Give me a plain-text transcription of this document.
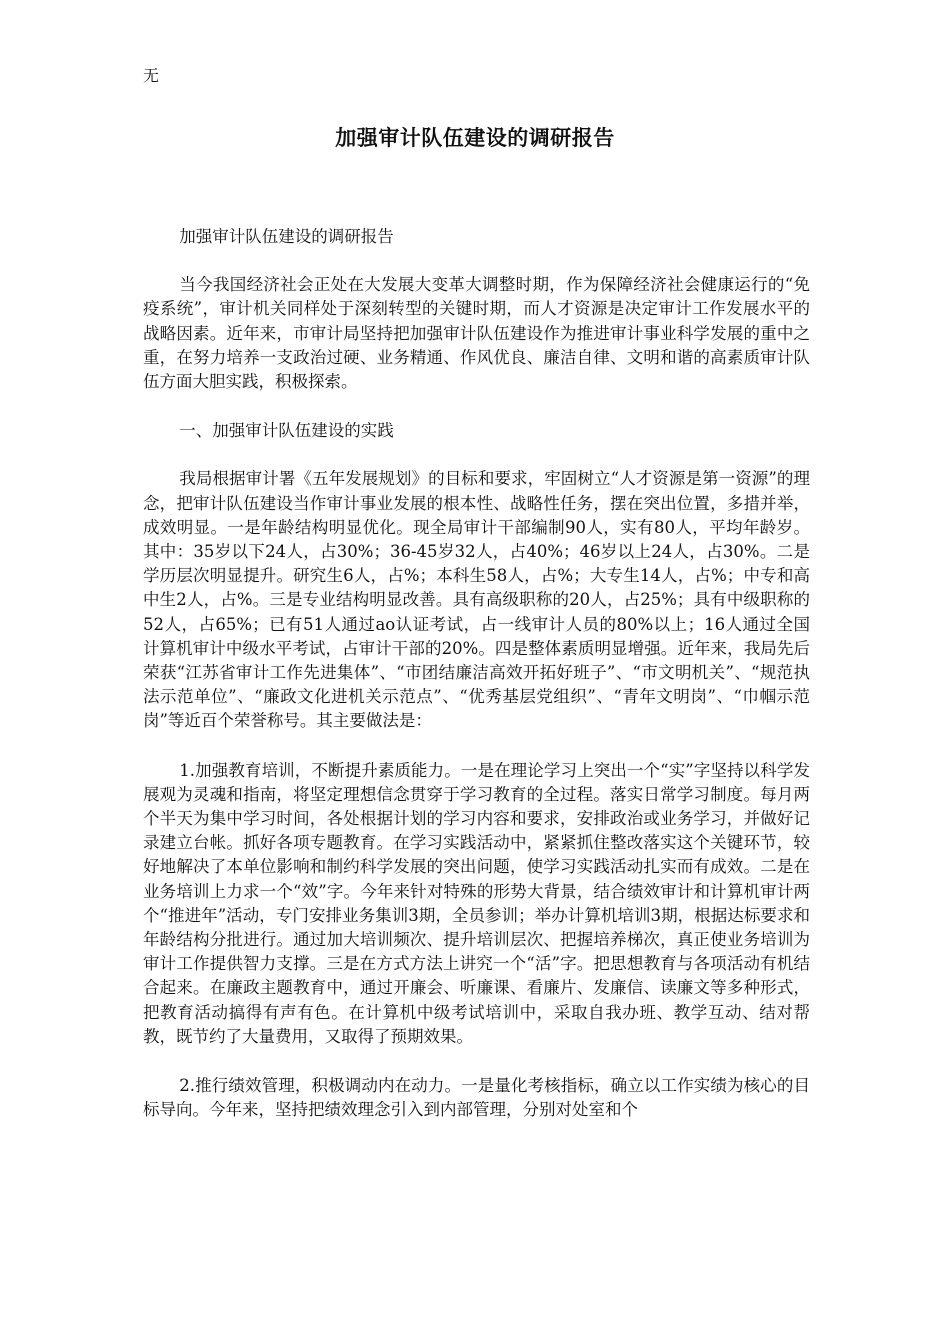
无
加强审计队伍建设的调研报告

加强审计队伍建设的调研报告

当今我国经济社会正处在大发展大变革大调整时期，作为保障经济社会健康运行的“免疫系统”，审计机关同样处于深刻转型的关键时期，而人才资源是决定审计工作发展水平的战略因素。近年来，市审计局坚持把加强审计队伍建设作为推进审计事业科学发展的重中之重，在努力培养一支政治过硬、业务精通、作风优良、廉洁自律、文明和谐的高素质审计队伍方面大胆实践，积极探索。

一、加强审计队伍建设的实践

我局根据审计署《五年发展规划》的目标和要求，牢固树立“人才资源是第一资源”的理念，把审计队伍建设当作审计事业发展的根本性、战略性任务，摆在突出位置，多措并举，成效明显。一是年龄结构明显优化。现全局审计干部编制90人，实有80人，平均年龄岁。其中：35岁以下24人，占30%；36-45岁32人，占40%；46岁以上24人，占30%。二是学历层次明显提升。研究生6人，占%；本科生58人，占%；大专生14人，占%；中专和高中生2人，占%。三是专业结构明显改善。具有高级职称的20人，占25%；具有中级职称的52人，占65%；已有51人通过ao认证考试，占一线审计人员的80%以上；16人通过全国计算机审计中级水平考试，占审计干部的20%。四是整体素质明显增强。近年来，我局先后荣获“江苏省审计工作先进集体”、“市团结廉洁高效开拓好班子”、“市文明机关”、“规范执法示范单位”、“廉政文化进机关示范点”、“优秀基层党组织”、“青年文明岗”、“巾帼示范岗”等近百个荣誉称号。其主要做法是：

1.加强教育培训，不断提升素质能力。一是在理论学习上突出一个“实”字坚持以科学发展观为灵魂和指南，将坚定理想信念贯穿于学习教育的全过程。落实日常学习制度。每月两个半天为集中学习时间，各处根据计划的学习内容和要求，安排政治或业务学习，并做好记录建立台帐。抓好各项专题教育。在学习实践活动中，紧紧抓住整改落实这个关键环节，较好地解决了本单位影响和制约科学发展的突出问题，使学习实践活动扎实而有成效。二是在业务培训上力求一个“效”字。今年来针对特殊的形势大背景，结合绩效审计和计算机审计两个“推进年”活动，专门安排业务集训3期，全员参训；举办计算机培训3期，根据达标要求和年龄结构分批进行。通过加大培训频次、提升培训层次、把握培养梯次，真正使业务培训为审计工作提供智力支撑。三是在方式方法上讲究一个“活”字。把思想教育与各项活动有机结合起来。在廉政主题教育中，通过开廉会、听廉课、看廉片、发廉信、读廉文等多种形式，把教育活动搞得有声有色。在计算机中级考试培训中，采取自我办班、教学互动、结对帮教，既节约了大量费用，又取得了预期效果。

2.推行绩效管理，积极调动内在动力。一是量化考核指标，确立以工作实绩为核心的目标导向。今年来，坚持把绩效理念引入到内部管理，分别对处室和个
